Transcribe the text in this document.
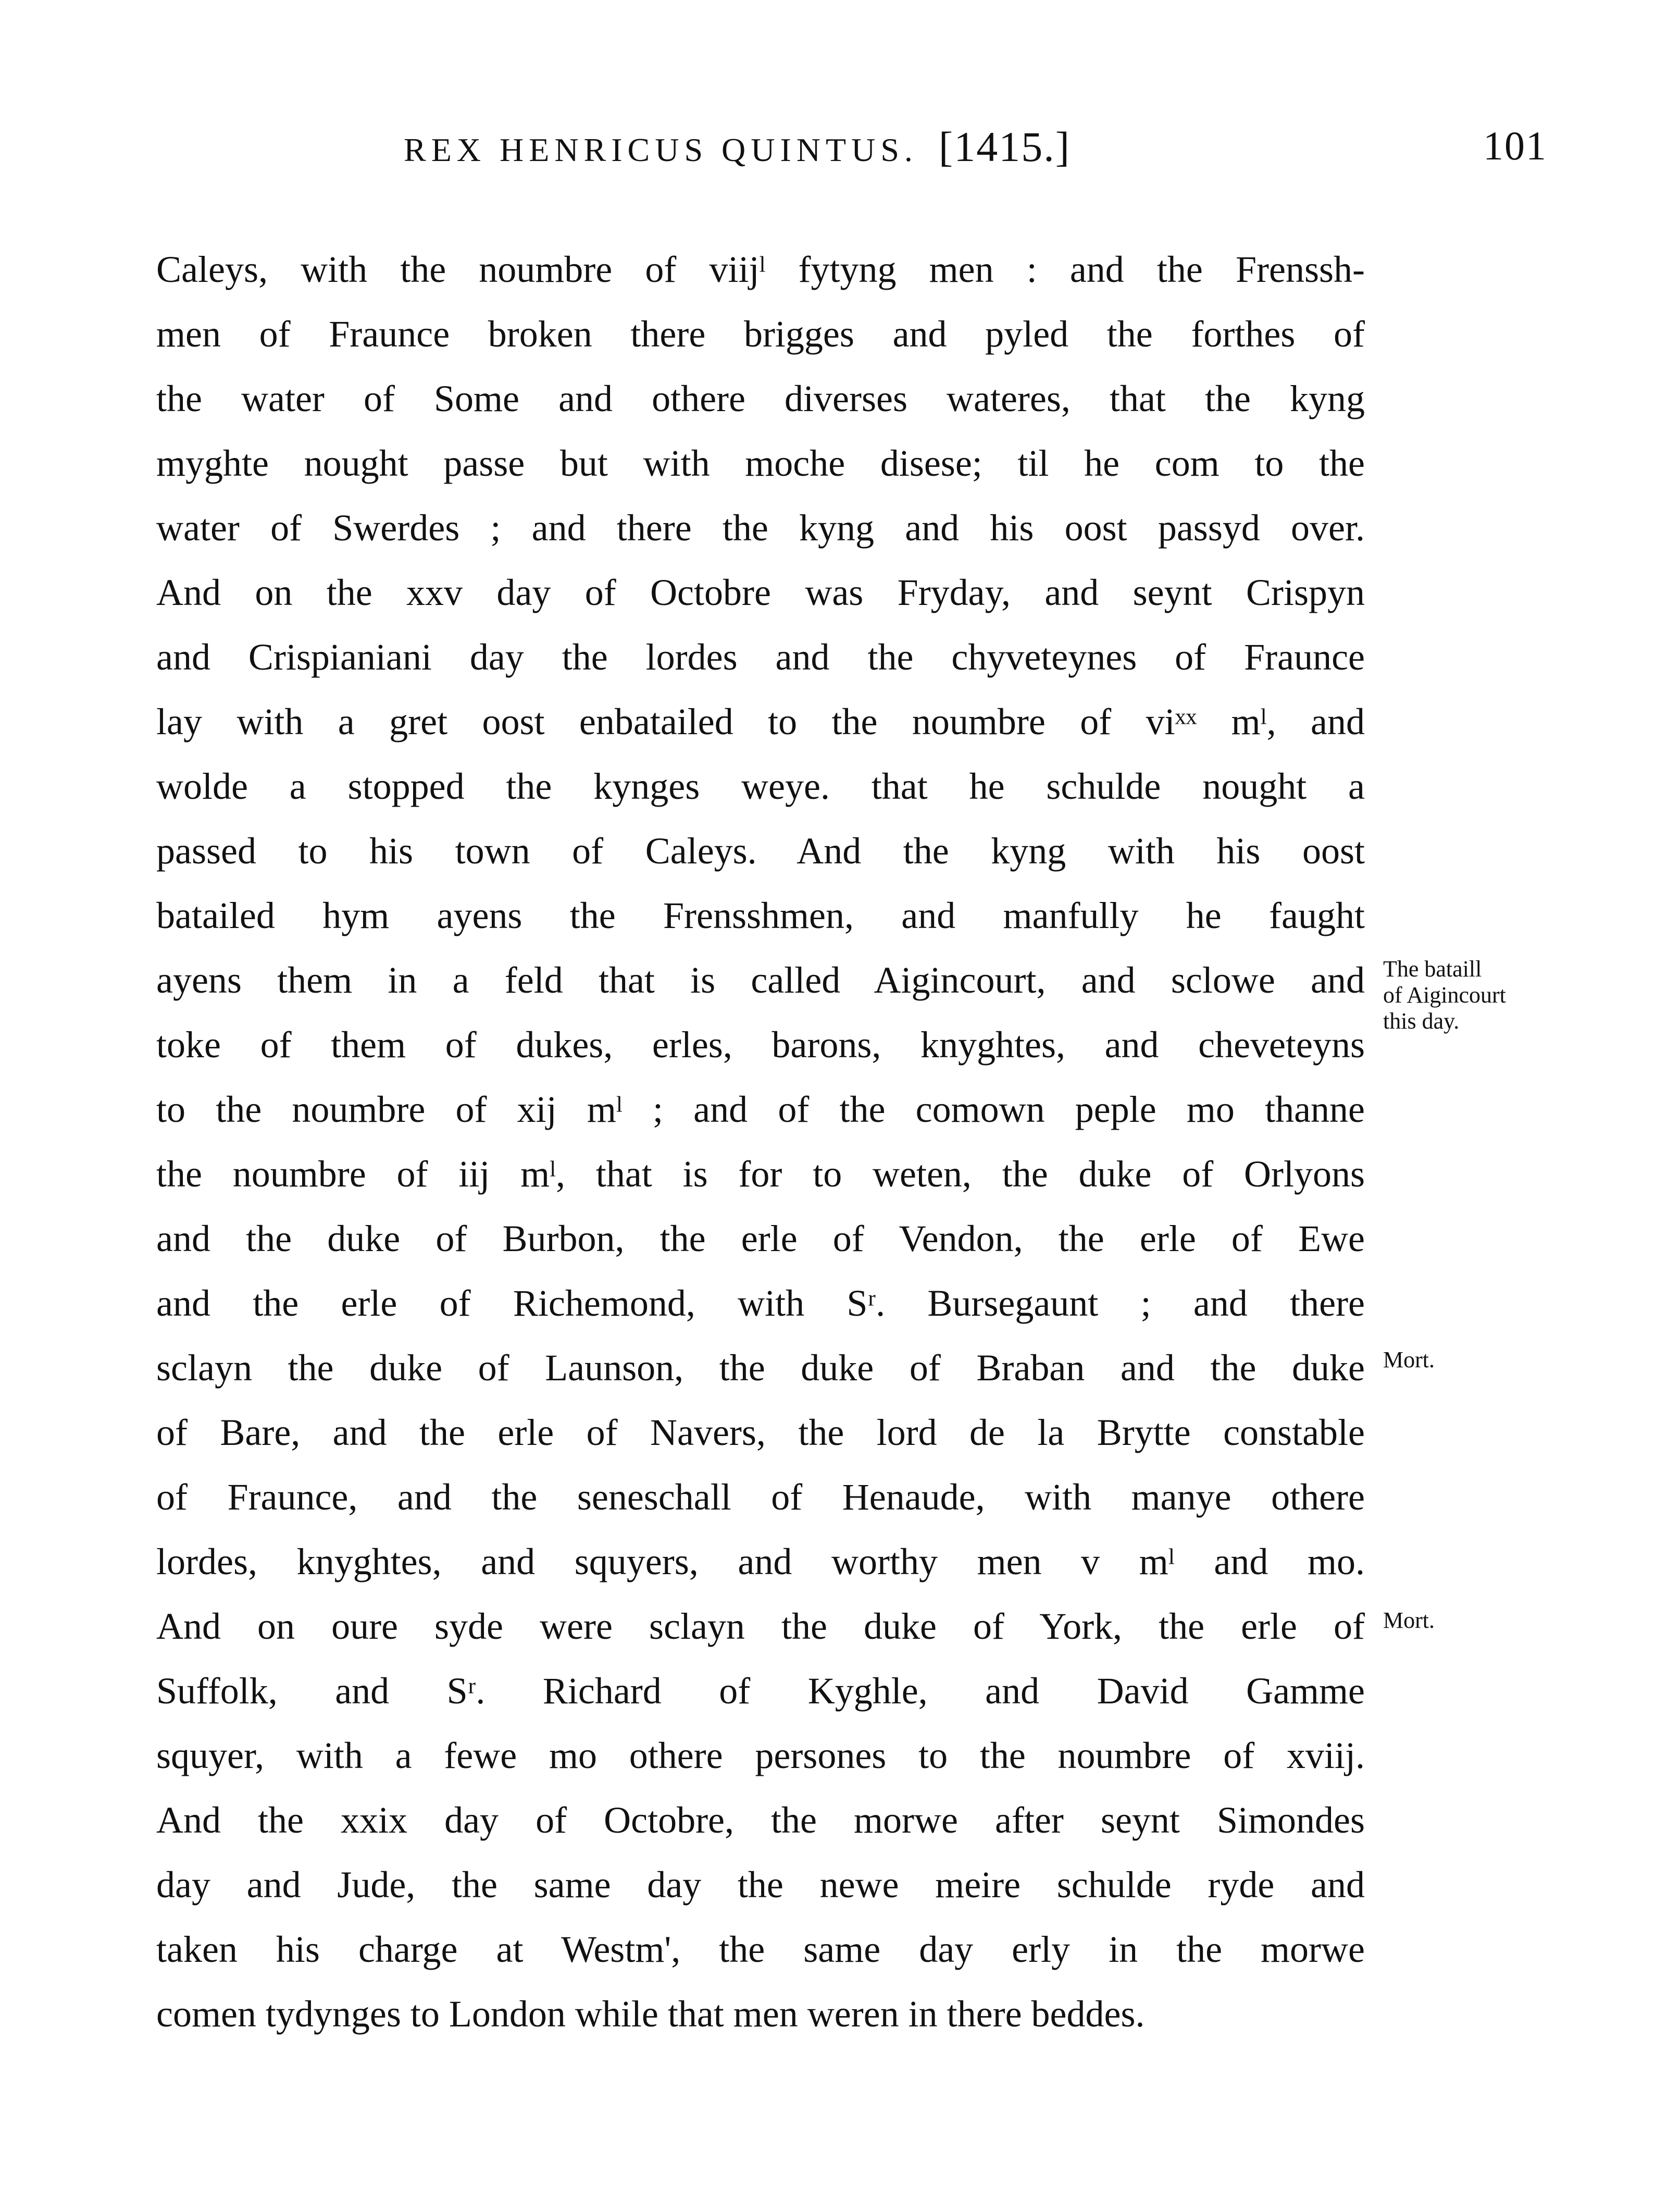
REX HENRICUS QUINTUS. [1415.]	101
Caleys, with the noumbre of viijˡ fytyng men : and the Frenssh-
men of Fraunce broken there brigges and pyled the forthes of
the water of Some and othere diverses wateres, that the kyng
myghte nought passe but with moche disese; til he com to the
water of Swerdes ; and there the kyng and his oost passyd over.
And on the xxv day of Octobre was Fryday, and seynt Crispyn
and Crispianiani day the lordes and the chyveteynes of Fraunce
lay with a gret oost enbatailed to the noumbre of viˣˣ mˡ, and
wolde a stopped the kynges weye. that he schulde nought a
passed to his town of Caleys. And the kyng with his oost
batailed hym ayens the Frensshmen, and manfully he faught
ayens them in a feld that is called Aigincourt, and sclowe and
toke of them of dukes, erles, barons, knyghtes, and cheveteyns
to the noumbre of xij mˡ ; and of the comown peple mo thanne
the noumbre of iij mˡ, that is for to weten, the duke of Orlyons
and the duke of Burbon, the erle of Vendon, the erle of Ewe
and the erle of Richemond, with Sʳ. Bursegaunt ; and there
sclayn the duke of Launson, the duke of Braban and the duke
of Bare, and the erle of Navers, the lord de la Brytte constable
of Fraunce, and the seneschall of Henaude, with manye othere
lordes, knyghtes, and squyers, and worthy men v mˡ and mo.
And on oure syde were sclayn the duke of York, the erle of
Suffolk, and Sʳ. Richard of Kyghle, and David Gamme
squyer, with a fewe mo othere persones to the noumbre of xviij.
And the xxix day of Octobre, the morwe after seynt Simondes
day and Jude, the same day the newe meire schulde ryde and
taken his charge at Westm', the same day erly in the morwe
comen tydynges to London while that men weren in there beddes.
The bataill
of Aigincourt
this day.
Mort.
Mort.
